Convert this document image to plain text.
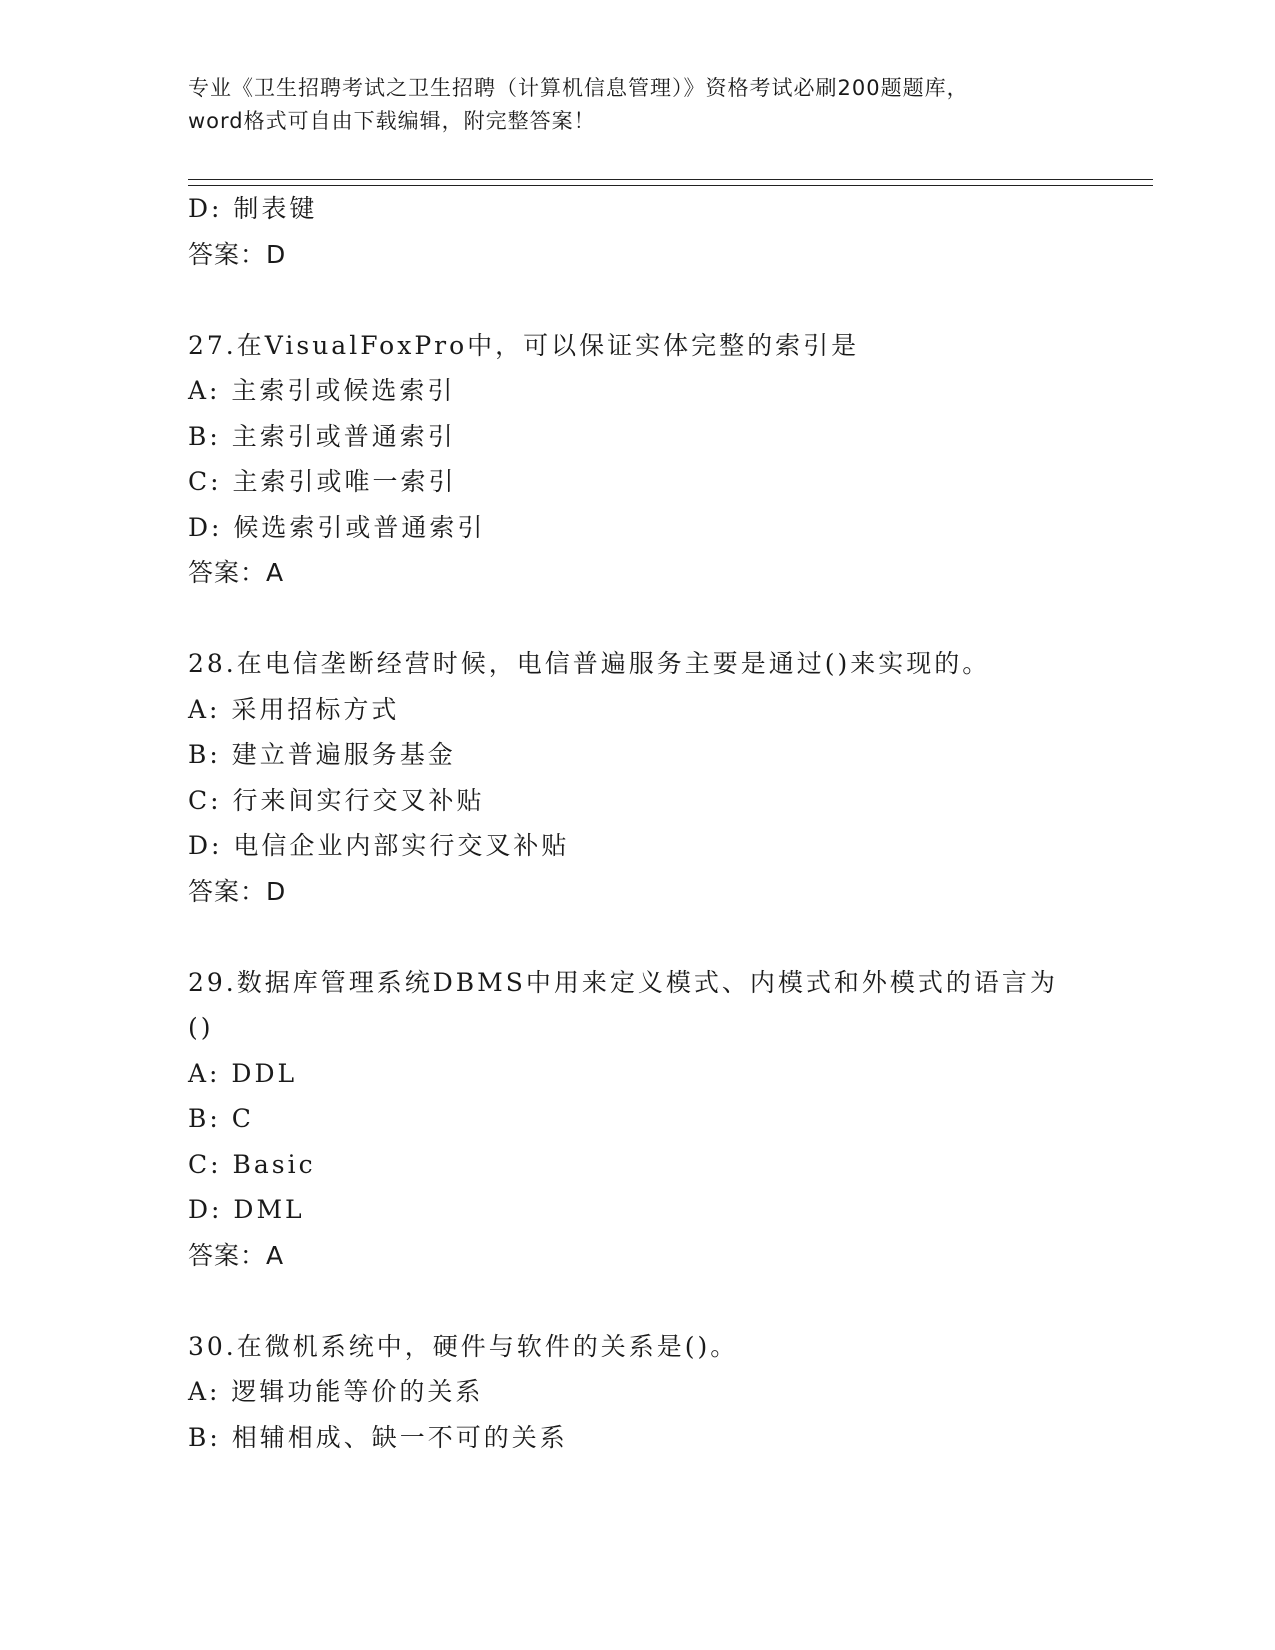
专业《卫生招聘考试之卫生招聘（计算机信息管理）》资格考试必刷200题题库，
word格式可自由下载编辑，附完整答案！
D: 制表键
答案：D
27.在VisualFoxPro中，可以保证实体完整的索引是
A: 主索引或候选索引
B: 主索引或普通索引
C: 主索引或唯一索引
D: 候选索引或普通索引
答案：A
28.在电信垄断经营时候，电信普遍服务主要是通过()来实现的。
A: 采用招标方式
B: 建立普遍服务基金
C: 行来间实行交叉补贴
D: 电信企业内部实行交叉补贴
答案：D
29.数据库管理系统DBMS中用来定义模式、内模式和外模式的语言为
()
A: DDL
B: C
C: Basic
D: DML
答案：A
30.在微机系统中，硬件与软件的关系是()。
A: 逻辑功能等价的关系
B: 相辅相成、缺一不可的关系
